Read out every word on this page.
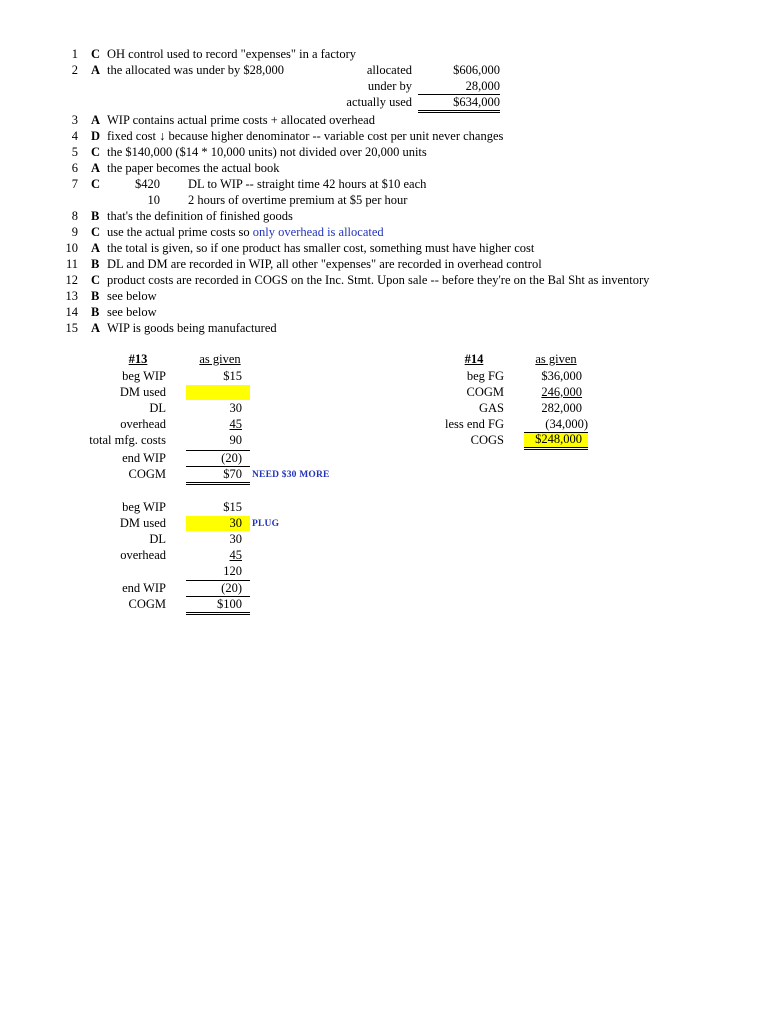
1 C OH control used to record "expenses" in a factory
2 A the allocated was under by $28,000
3 A WIP contains actual prime costs + allocated overhead
4 D fixed cost ↓ because higher denominator -- variable cost per unit never changes
5 C the $140,000 ($14 * 10,000 units) not divided over 20,000 units
6 A the paper becomes the actual book
7 C
8 B that's the definition of finished goods
9 C use the actual prime costs so only overhead is allocated
10 A the total is given, so if one product has smaller cost, something must have higher cost
11 B DL and DM are recorded in WIP, all other "expenses" are recorded in overhead control
12 C product costs are recorded in COGS on the Inc. Stmt. Upon sale -- before they're on the Bal Sht as inventory
13 B see below
14 B see below
15 A WIP is goods being manufactured
allocated	$606,000
under by	28,000
actually used	$634,000
$420 DL to WIP -- straight time 42 hours at $10 each
10 2 hours of overtime premium at $5 per hour
#13	as given
beg WIP	$15
DM used
DL	30
overhead	45
total mfg. costs	90
end WIP	(20)
COGM	$70	NEED $30 MORE
beg WIP	$15
DM used	30 PLUG
DL	30
overhead	45
120
end WIP	(20)
COGM	$100
#14	as given
beg FG	$36,000
COGM	246,000
GAS	282,000
less end FG	(34,000)
COGS	$248,000
